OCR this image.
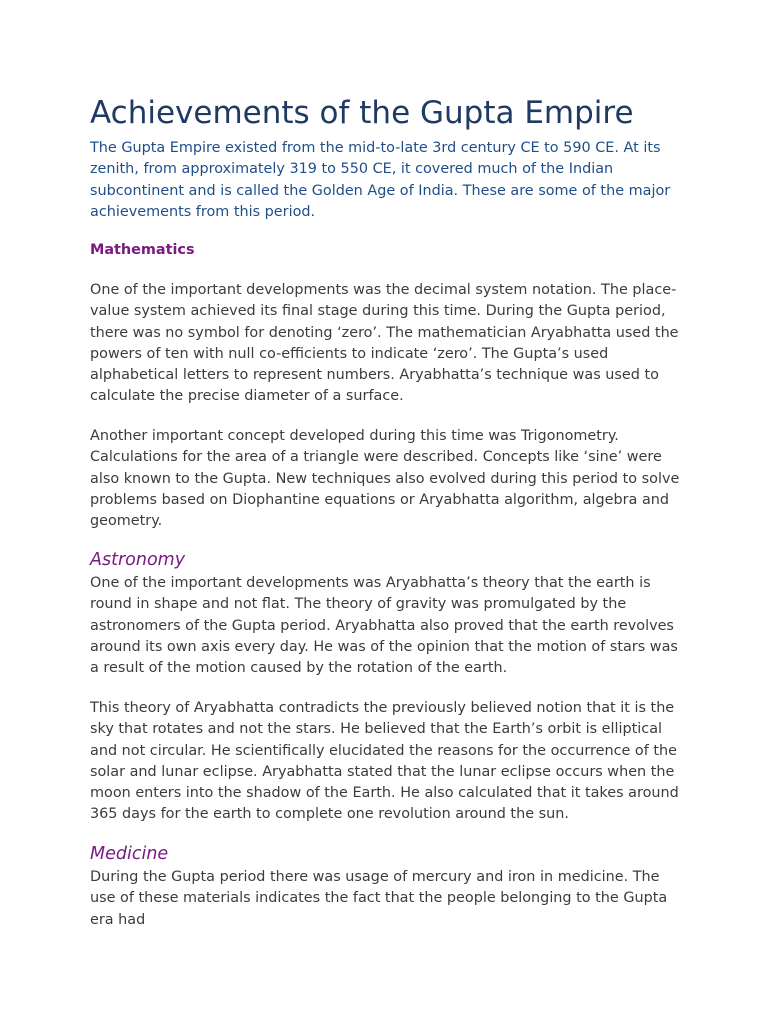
Achievements of the Gupta Empire

The Gupta Empire existed from the mid-to-late 3rd century CE to 590 CE. At its zenith, from approximately 319 to 550 CE, it covered much of the Indian subcontinent and is called the Golden Age of India. These are some of the major achievements from this period.

Mathematics

One of the important developments was the decimal system notation. The place-value system achieved its final stage during this time. During the Gupta period, there was no symbol for denoting ‘zero’. The mathematician Aryabhatta used the powers of ten with null co-efficients to indicate ‘zero’. The Gupta’s used alphabetical letters to represent numbers. Aryabhatta’s technique was used to calculate the precise diameter of a surface.

Another important concept developed during this time was Trigonometry. Calculations for the area of a triangle were described. Concepts like ‘sine’ were also known to the Gupta. New techniques also evolved during this period to solve problems based on Diophantine equations or Aryabhatta algorithm, algebra and geometry.

Astronomy

One of the important developments was Aryabhatta’s theory that the earth is round in shape and not flat. The theory of gravity was promulgated by the astronomers of the Gupta period. Aryabhatta also proved that the earth revolves around its own axis every day. He was of the opinion that the motion of stars was a result of the motion caused by the rotation of the earth.

This theory of Aryabhatta contradicts the previously believed notion that it is the sky that rotates and not the stars. He believed that the Earth’s orbit is elliptical and not circular. He scientifically elucidated the reasons for the occurrence of the solar and lunar eclipse. Aryabhatta stated that the lunar eclipse occurs when the moon enters into the shadow of the Earth. He also calculated that it takes around 365 days for the earth to complete one revolution around the sun.

Medicine

During the Gupta period there was usage of mercury and iron in medicine. The use of these materials indicates the fact that the people belonging to the Gupta era had
